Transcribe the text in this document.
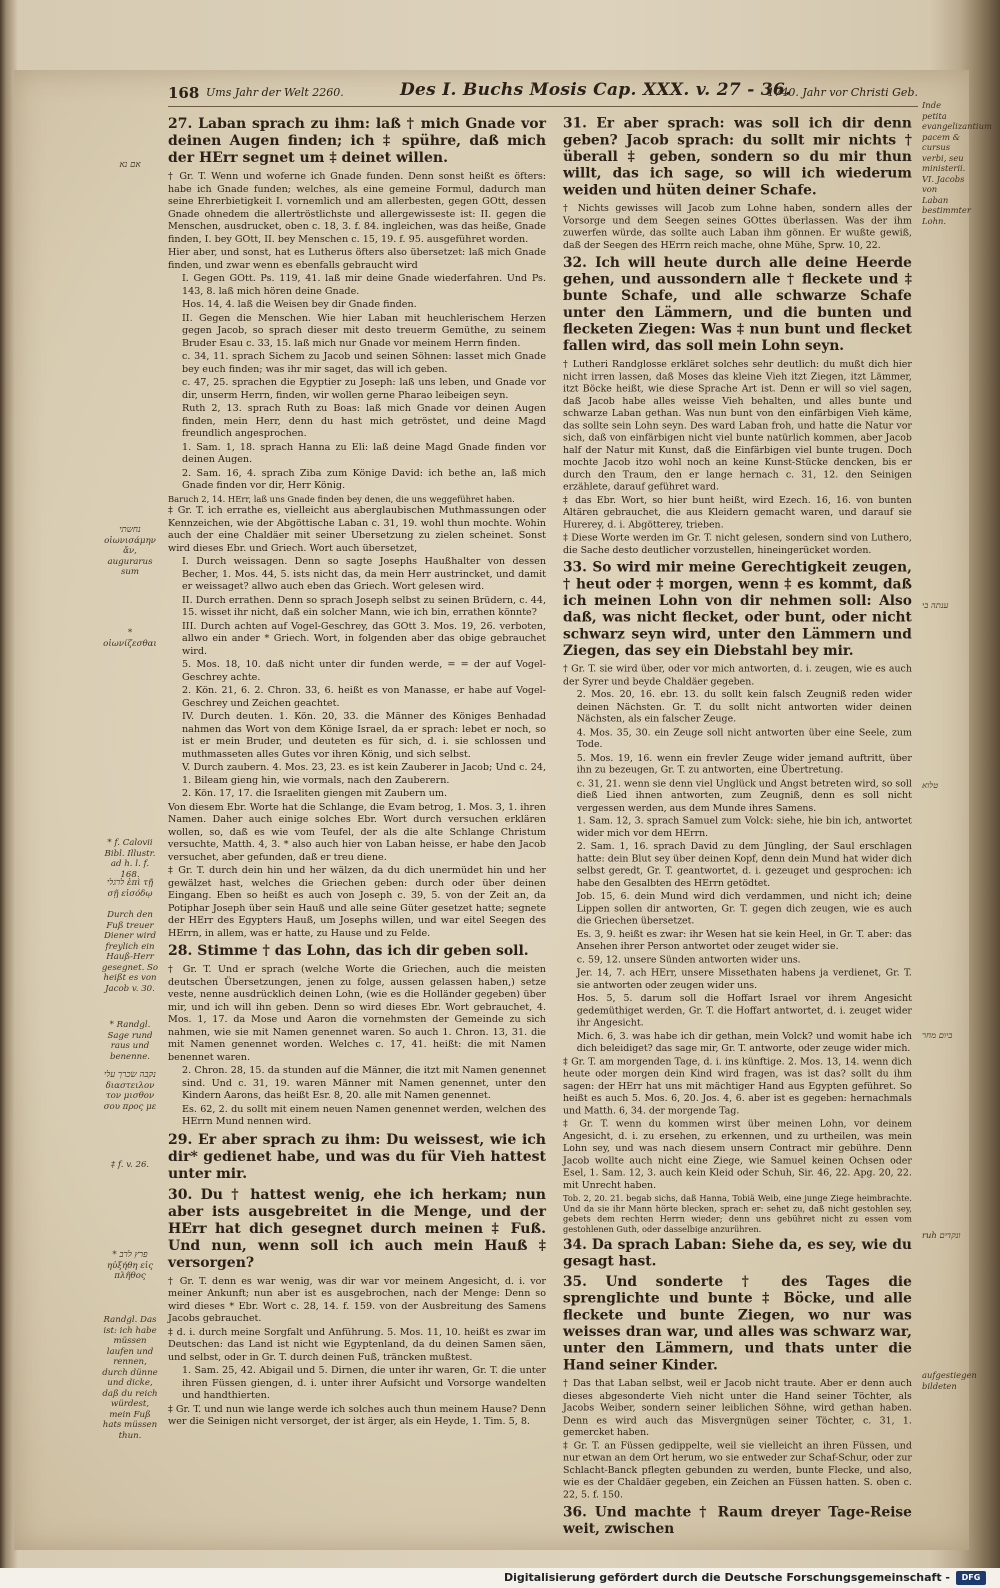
168 Ums Jahr der Welt 2260.	Des I. Buchs Mosis Cap. XXX. v. 27 - 36.
1740. Jahr vor Christi Geb.
27. Laban sprach zu ihm: laß † mich Gnade vor deinen Augen finden; ich ‡ spühre, daß mich der HErr segnet um ‡ deinet willen.
† Gr. T. Wenn und woferne ich Gnade funden. Denn sonst heißt es öfters: habe ich Gnade funden; welches, als eine gemeine Formul, dadurch man seine Ehrerbietigkeit I. vornemlich und am allerbesten, gegen GOtt, dessen Gnade ohnedem die allertröstlichste und allergewisseste ist: II. gegen die Menschen, ausdrucket, oben c. 18, 3. f. 84. ingleichen, was das heiße, Gnade finden, I. bey GOtt, II. bey Menschen c. 15, 19. f. 95. ausgeführet worden.
Hier aber, und sonst, hat es Lutherus öfters also übersetzet: laß mich Gnade finden, und zwar wenn es ebenfalls gebraucht wird
I. Gegen GOtt. Ps. 119, 41. laß mir deine Gnade wiederfahren. Und Ps. 143, 8. laß mich hören deine Gnade.
Hos. 14, 4. laß die Weisen bey dir Gnade finden.
II. Gegen die Menschen. Wie hier Laban mit heuchlerischem Herzen gegen Jacob, so sprach dieser mit desto treuerm Gemüthe, zu seinem Bruder Esau c. 33, 15. laß mich nur Gnade vor meinem Herrn finden.
c. 34, 11. sprach Sichem zu Jacob und seinen Söhnen: lasset mich Gnade bey euch finden; was ihr mir saget, das will ich geben.
c. 47, 25. sprachen die Egyptier zu Joseph: laß uns leben, und Gnade vor dir, unserm Herrn, finden, wir wollen gerne Pharao leibeigen seyn.
Ruth 2, 13. sprach Ruth zu Boas: laß mich Gnade vor deinen Augen finden, mein Herr, denn du hast mich getröstet, und deine Magd freundlich angesprochen.
1. Sam. 1, 18. sprach Hanna zu Eli: laß deine Magd Gnade finden vor deinen Augen.
2. Sam. 16, 4. sprach Ziba zum Könige David: ich bethe an, laß mich Gnade finden vor dir, Herr König.
Baruch 2, 14. HErr, laß uns Gnade finden bey denen, die uns weggeführet haben.
‡ Gr. T. ich errathe es, vielleicht aus aberglaubischen Muthmassungen oder Kennzeichen, wie der Abgöttische Laban c. 31, 19. wohl thun mochte. Wohin auch der eine Chaldäer mit seiner Ubersetzung zu zielen scheinet. Sonst wird dieses Ebr. und Griech. Wort auch übersetzet,
I. Durch weissagen. Denn so sagte Josephs Haußhalter von dessen Becher, 1. Mos. 44, 5. ists nicht das, da mein Herr austrincket, und damit er weissaget? allwo auch eben das Griech. Wort gelesen wird.
II. Durch errathen. Denn so sprach Joseph selbst zu seinen Brüdern, c. 44, 15. wisset ihr nicht, daß ein solcher Mann, wie ich bin, errathen könnte?
III. Durch achten auf Vogel-Geschrey, das GOtt 3. Mos. 19, 26. verboten, allwo ein ander * Griech. Wort, in folgenden aber das obige gebrauchet wird.
5. Mos. 18, 10. daß nicht unter dir funden werde, = = der auf Vogel-Geschrey achte.
2. Kön. 21, 6. 2. Chron. 33, 6. heißt es von Manasse, er habe auf Vogel-Geschrey und Zeichen geachtet.
IV. Durch deuten. 1. Kön. 20, 33. die Männer des Königes Benhadad nahmen das Wort von dem Könige Israel, da er sprach: lebet er noch, so ist er mein Bruder, und deuteten es für sich, d. i. sie schlossen und muthmasseten alles Gutes vor ihren König, und sich selbst.
V. Durch zaubern. 4. Mos. 23, 23. es ist kein Zauberer in Jacob; Und c. 24, 1. Bileam gieng hin, wie vormals, nach den Zauberern.
2. Kön. 17, 17. die Israeliten giengen mit Zaubern um.
Von diesem Ebr. Worte hat die Schlange, die Evam betrog, 1. Mos. 3, 1. ihren Namen. Daher auch einige solches Ebr. Wort durch versuchen erklären wollen, so, daß es wie vom Teufel, der als die alte Schlange Christum versuchte, Matth. 4, 3. * also auch hier von Laban heisse, er habe den Jacob versuchet, aber gefunden, daß er treu diene.
‡ Gr. T. durch dein hin und her wälzen, da du dich unermüdet hin und her gewälzet hast, welches die Griechen geben: durch oder über deinen Eingang. Eben so heißt es auch von Joseph c. 39, 5. von der Zeit an, da Potiphar Joseph über sein Hauß und alle seine Güter gesetzet hatte; segnete der HErr des Egypters Hauß, um Josephs willen, und war eitel Seegen des HErrn, in allem, was er hatte, zu Hause und zu Felde.
28. Stimme † das Lohn, das ich dir geben soll.
† Gr. T. Und er sprach (welche Worte die Griechen, auch die meisten deutschen Übersetzungen, jenen zu folge, aussen gelassen haben,) setze veste, nenne ausdrücklich deinen Lohn, (wie es die Holländer gegeben) über mir, und ich will ihn geben. Denn so wird dieses Ebr. Wort gebrauchet, 4. Mos. 1, 17. da Mose und Aaron die vornehmsten der Gemeinde zu sich nahmen, wie sie mit Namen genennet waren. So auch 1. Chron. 13, 31. die mit Namen genennet worden. Welches c. 17, 41. heißt: die mit Namen benennet waren.
2. Chron. 28, 15. da stunden auf die Männer, die itzt mit Namen genennet sind. Und c. 31, 19. waren Männer mit Namen genennet, unter den Kindern Aarons, das heißt Esr. 8, 20. alle mit Namen genennet.
Es. 62, 2. du sollt mit einem neuen Namen genennet werden, welchen des HErrn Mund nennen wird.
29. Er aber sprach zu ihm: Du weissest, wie ich dir* gedienet habe, und was du für Vieh hattest unter mir.
30. Du † hattest wenig, ehe ich herkam; nun aber ists ausgebreitet in die Menge, und der HErr hat dich gesegnet durch meinen ‡ Fuß. Und nun, wenn soll ich auch mein Hauß ‡ versorgen?
† Gr. T. denn es war wenig, was dir war vor meinem Angesicht, d. i. vor meiner Ankunft; nun aber ist es ausgebrochen, nach der Menge: Denn so wird dieses * Ebr. Wort c. 28, 14. f. 159. von der Ausbreitung des Samens Jacobs gebrauchet.
‡ d. i. durch meine Sorgfalt und Anführung. 5. Mos. 11, 10. heißt es zwar im Deutschen: das Land ist nicht wie Egyptenland, da du deinen Samen säen, und selbst, oder in Gr. T. durch deinen Fuß, träncken mußtest.
1. Sam. 25, 42. Abigail und 5. Dirnen, die unter ihr waren, Gr. T. die unter ihren Füssen giengen, d. i. unter ihrer Aufsicht und Vorsorge wandelten und handthierten.
‡ Gr. T. und nun wie lange werde ich solches auch thun meinem Hause? Denn wer die Seinigen nicht versorget, der ist ärger, als ein Heyde, 1. Tim. 5, 8.
31. Er aber sprach: was soll ich dir denn geben? Jacob sprach: du sollt mir nichts † überall ‡ geben, sondern so du mir thun willt, das ich sage, so will ich wiederum weiden und hüten deiner Schafe.
† Nichts gewisses will Jacob zum Lohne haben, sondern alles der Vorsorge und dem Seegen seines GOttes überlassen. Was der ihm zuwerfen würde, das sollte auch Laban ihm gönnen. Er wußte gewiß, daß der Seegen des HErrn reich mache, ohne Mühe, Sprw. 10, 22.
32. Ich will heute durch alle deine Heerde gehen, und aussondern alle † fleckete und ‡ bunte Schafe, und alle schwarze Schafe unter den Lämmern, und die bunten und flecketen Ziegen: Was ‡ nun bunt und flecket fallen wird, das soll mein Lohn seyn.
† Lutheri Randglosse erkläret solches sehr deutlich: du mußt dich hier nicht irren lassen, daß Moses das kleine Vieh itzt Ziegen, itzt Lämmer, itzt Böcke heißt, wie diese Sprache Art ist. Denn er will so viel sagen, daß Jacob habe alles weisse Vieh behalten, und alles bunte und schwarze Laban gethan. Was nun bunt von den einfärbigen Vieh käme, das sollte sein Lohn seyn. Des ward Laban froh, und hatte die Natur vor sich, daß von einfärbigen nicht viel bunte natürlich kommen, aber Jacob half der Natur mit Kunst, daß die Einfärbigen viel bunte trugen. Doch mochte Jacob itzo wohl noch an keine Kunst-Stücke dencken, bis er durch den Traum, den er lange hernach c. 31, 12. den Seinigen erzählete, darauf geführet ward.
‡ das Ebr. Wort, so hier bunt heißt, wird Ezech. 16, 16. von bunten Altären gebrauchet, die aus Kleidern gemacht waren, und darauf sie Hurerey, d. i. Abgötterey, trieben.
‡ Diese Worte werden im Gr. T. nicht gelesen, sondern sind von Luthero, die Sache desto deutlicher vorzustellen, hineingerücket worden.
33. So wird mir meine Gerechtigkeit zeugen, † heut oder ‡ morgen, wenn ‡ es kommt, daß ich meinen Lohn von dir nehmen soll: Also daß, was nicht flecket, oder bunt, oder nicht schwarz seyn wird, unter den Lämmern und Ziegen, das sey ein Diebstahl bey mir.
† Gr. T. sie wird über, oder vor mich antworten, d. i. zeugen, wie es auch der Syrer und beyde Chaldäer gegeben.
2. Mos. 20, 16. ebr. 13. du sollt kein falsch Zeugniß reden wider deinen Nächsten. Gr. T. du sollt nicht antworten wider deinen Nächsten, als ein falscher Zeuge.
4. Mos. 35, 30. ein Zeuge soll nicht antworten über eine Seele, zum Tode.
5. Mos. 19, 16. wenn ein frevler Zeuge wider jemand auftritt, über ihn zu bezeugen, Gr. T. zu antworten, eine Übertretung.
c. 31, 21. wenn sie denn viel Unglück und Angst betreten wird, so soll dieß Lied ihnen antworten, zum Zeugniß, denn es soll nicht vergessen werden, aus dem Munde ihres Samens.
1. Sam. 12, 3. sprach Samuel zum Volck: siehe, hie bin ich, antwortet wider mich vor dem HErrn.
2. Sam. 1, 16. sprach David zu dem Jüngling, der Saul erschlagen hatte: dein Blut sey über deinen Kopf, denn dein Mund hat wider dich selbst geredt, Gr. T. geantwortet, d. i. gezeuget und gesprochen: ich habe den Gesalbten des HErrn getödtet.
Job. 15, 6. dein Mund wird dich verdammen, und nicht ich; deine Lippen sollen dir antworten, Gr. T. gegen dich zeugen, wie es auch die Griechen übersetzet.
Es. 3, 9. heißt es zwar: ihr Wesen hat sie kein Heel, in Gr. T. aber: das Ansehen ihrer Person antwortet oder zeuget wider sie.
c. 59, 12. unsere Sünden antworten wider uns.
Jer. 14, 7. ach HErr, unsere Missethaten habens ja verdienet, Gr. T. sie antworten oder zeugen wider uns.
Hos. 5, 5. darum soll die Hoffart Israel vor ihrem Angesicht gedemüthiget werden, Gr. T. die Hoffart antwortet, d. i. zeuget wider ihr Angesicht.
Mich. 6, 3. was habe ich dir gethan, mein Volck? und womit habe ich dich beleidiget? das sage mir, Gr. T. antworte, oder zeuge wider mich.
‡ Gr. T. am morgenden Tage, d. i. ins künftige. 2. Mos. 13, 14. wenn dich heute oder morgen dein Kind wird fragen, was ist das? sollt du ihm sagen: der HErr hat uns mit mächtiger Hand aus Egypten geführet. So heißt es auch 5. Mos. 6, 20. Jos. 4, 6. aber ist es gegeben: hernachmals und Matth. 6, 34. der morgende Tag.
‡ Gr. T. wenn du kommen wirst über meinen Lohn, vor deinem Angesicht, d. i. zu ersehen, zu erkennen, und zu urtheilen, was mein Lohn sey, und was nach diesem unsern Contract mir gebühre. Denn Jacob wollte auch nicht eine Ziege, wie Samuel keinen Ochsen oder Esel, 1. Sam. 12, 3. auch kein Kleid oder Schuh, Sir. 46, 22. Apg. 20, 22. mit Unrecht haben.
Tob. 2, 20. 21. begab sichs, daß Hanna, Tobiä Weib, eine junge Ziege heimbrachte. Und da sie ihr Mann hörte blecken, sprach er: sehet zu, daß nicht gestohlen sey, gebets dem rechten Herrn wieder; denn uns gebühret nicht zu essen vom gestohlenen Guth, oder dasselbige anzurühren.
34. Da sprach Laban: Siehe da, es sey, wie du gesagt hast.
35. Und sonderte † des Tages die sprenglichte und bunte ‡ Böcke, und alle fleckete und bunte Ziegen, wo nur was weisses dran war, und alles was schwarz war, unter den Lämmern, und thats unter die Hand seiner Kinder.
† Das that Laban selbst, weil er Jacob nicht traute. Aber er denn auch dieses abgesonderte Vieh nicht unter die Hand seiner Töchter, als Jacobs Weiber, sondern seiner leiblichen Söhne, wird gethan haben. Denn es wird auch das Misvergnügen seiner Töchter, c. 31, 1. gemercket haben.
‡ Gr. T. an Füssen gedippelte, weil sie vielleicht an ihren Füssen, und nur etwan an dem Ort herum, wo sie entweder zur Schaf-Schur, oder zur Schlacht-Banck pflegten gebunden zu werden, bunte Flecke, und also, wie es der Chaldäer gegeben, ein Zeichen an Füssen hatten. S. oben c. 22, 5. f. 150.
36. Und machte † Raum dreyer Tage-Reise weit, zwischen
אם נא
נחשתי οἰωνισάμην ἄν, augurarus sum
* οἰωνίζεσθαι
* f. Calovii Bibl. Illustr. ad h. l. f. 168.
לרגלי ἐπὶ τῇ σῇ εἰσόδῳ
Durch den Fuß treuer Diener wird freylich ein Hauß-Herr gesegnet. So heißt es von Jacob v. 30.
* Randgl. Sage rund raus und benenne.
נקבה שׂכרך עלי διαστειλον τον μισθον σου προς με
‡ f. v. 26.
* פרץ לרב ηὐξήθη εἰς πλῆθος
Randgl. Das ist: ich habe müssen laufen und rennen, durch dünne und dicke, daß du reich würdest, mein Fuß hats müssen thun.
Inde petita evangelizantium pacem & cursus verbi, seu ministerii. VI. Jacobs von Laban bestimmter Lohn.
טלוא
ענתה בי
ביום מחר
ruh ונקדים
aufgestiegen bildeten
Digitalisierung gefördert durch die Deutsche Forschungsgemeinschaft -	DFG
